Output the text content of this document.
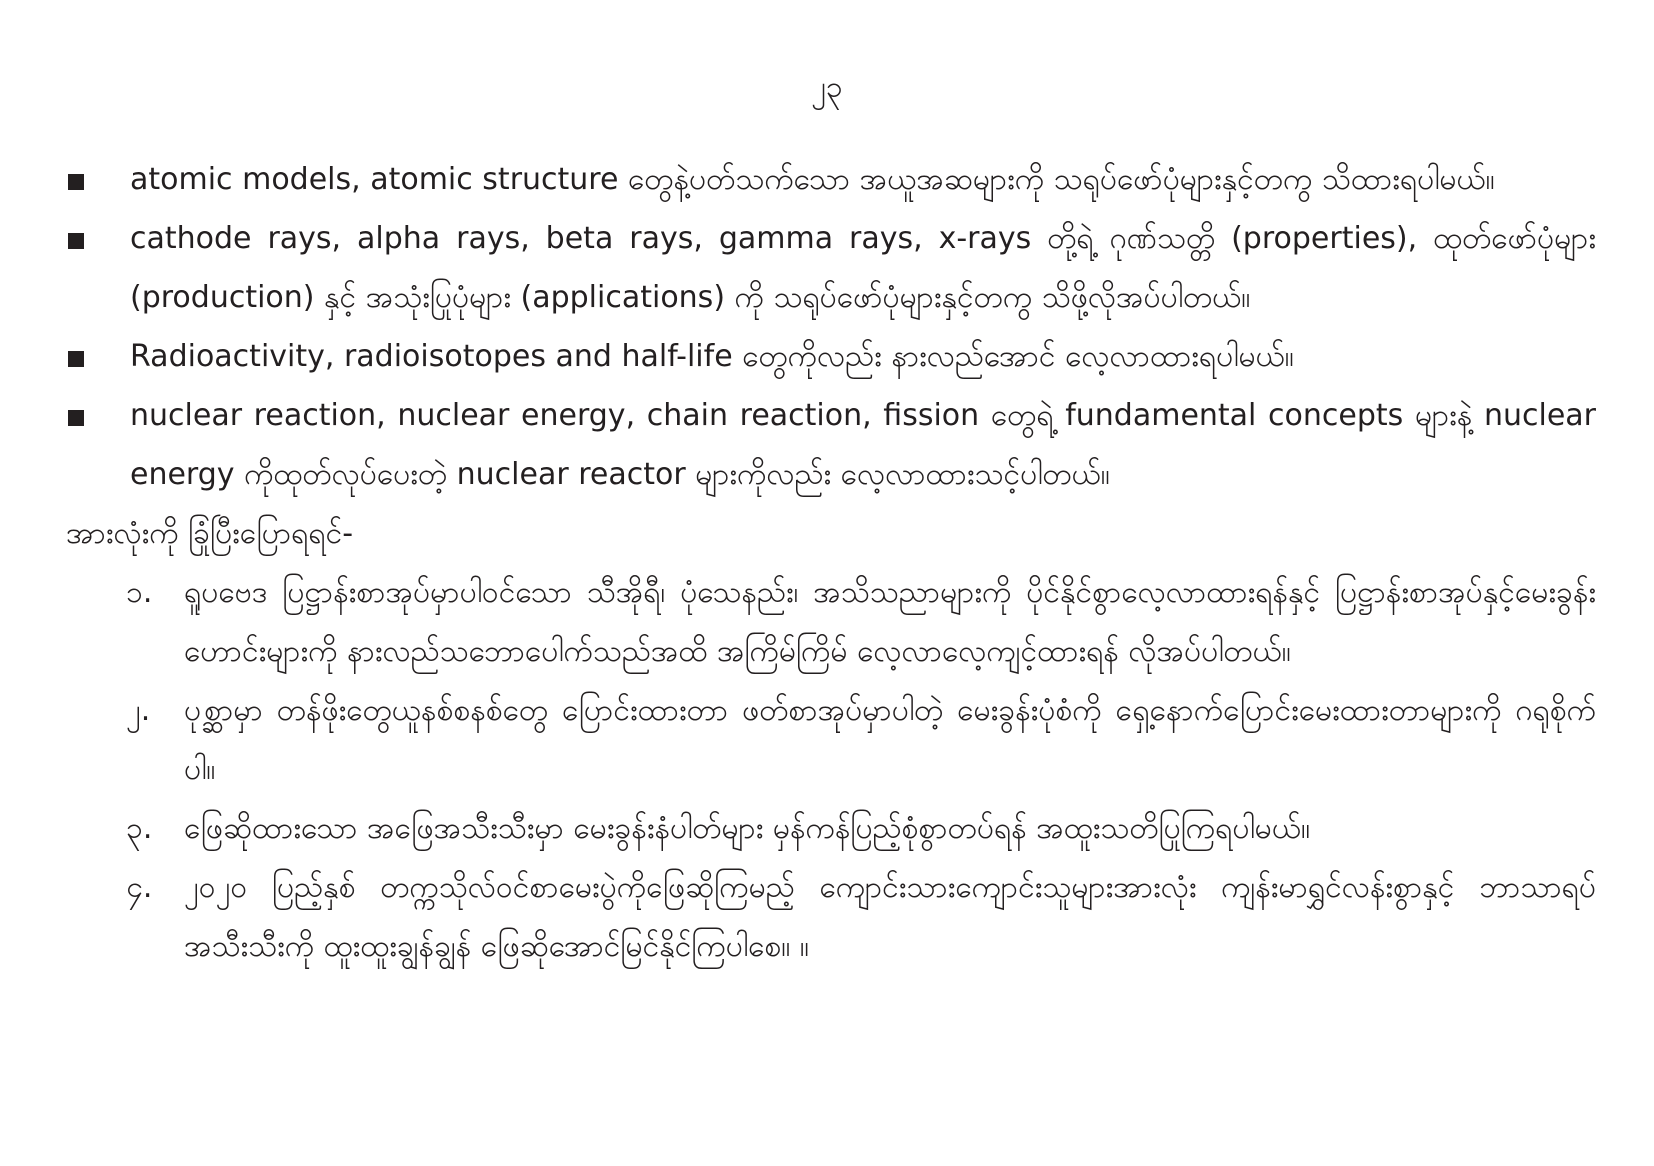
၂၃
atomic models, atomic structure တွေနဲ့ပတ်သက်သော အယူအဆများကို သရုပ်ဖော်ပုံများနှင့်တကွ သိထားရပါမယ်။
cathode rays, alpha rays, beta rays, gamma rays, x-rays တို့ရဲ့ ဂုဏ်သတ္တိ (properties), ထုတ်ဖော်ပုံများ (production) နှင့် အသုံးပြုပုံများ (applications) ကို သရုပ်ဖော်ပုံများနှင့်တကွ သိဖို့လိုအပ်ပါတယ်။
Radioactivity, radioisotopes and half-life တွေကိုလည်း နားလည်အောင် လေ့လာထားရပါမယ်။
nuclear reaction, nuclear energy, chain reaction, fission တွေရဲ့ fundamental concepts များနဲ့ nuclear energy ကိုထုတ်လုပ်ပေးတဲ့ nuclear reactor များကိုလည်း လေ့လာထားသင့်ပါတယ်။

အားလုံးကို ခြုံပြီးပြောရရင်-

၁. ရူပဗေဒ ပြဋ္ဌာန်းစာအုပ်မှာပါဝင်သော သီအိုရီ၊ ပုံသေနည်း၊ အသိသညာများကို ပိုင်နိုင်စွာလေ့လာထားရန်နှင့် ပြဋ္ဌာန်းစာအုပ်နှင့်မေးခွန်းဟောင်းများကို နားလည်သဘောပေါက်သည်အထိ အကြိမ်ကြိမ် လေ့လာလေ့ကျင့်ထားရန် လိုအပ်ပါတယ်။
၂. ပုစ္ဆာမှာ တန်ဖိုးတွေယူနစ်စနစ်တွေ ပြောင်းထားတာ ဖတ်စာအုပ်မှာပါတဲ့ မေးခွန်းပုံစံကို ရှေ့နောက်ပြောင်းမေးထားတာများကို ဂရုစိုက်ပါ။
၃. ဖြေဆိုထားသော အဖြေအသီးသီးမှာ မေးခွန်းနံပါတ်များ မှန်ကန်ပြည့်စုံစွာတပ်ရန် အထူးသတိပြုကြရပါမယ်။
၄. ၂၀၂၀ ပြည့်နှစ် တက္ကသိုလ်ဝင်စာမေးပွဲကိုဖြေဆိုကြမည့် ကျောင်းသားကျောင်းသူများအားလုံး ကျန်းမာရွှင်လန်းစွာနှင့် ဘာသာရပ်အသီးသီးကို ထူးထူးချွန်ချွန် ဖြေဆိုအောင်မြင်နိုင်ကြပါစေ။ ။
